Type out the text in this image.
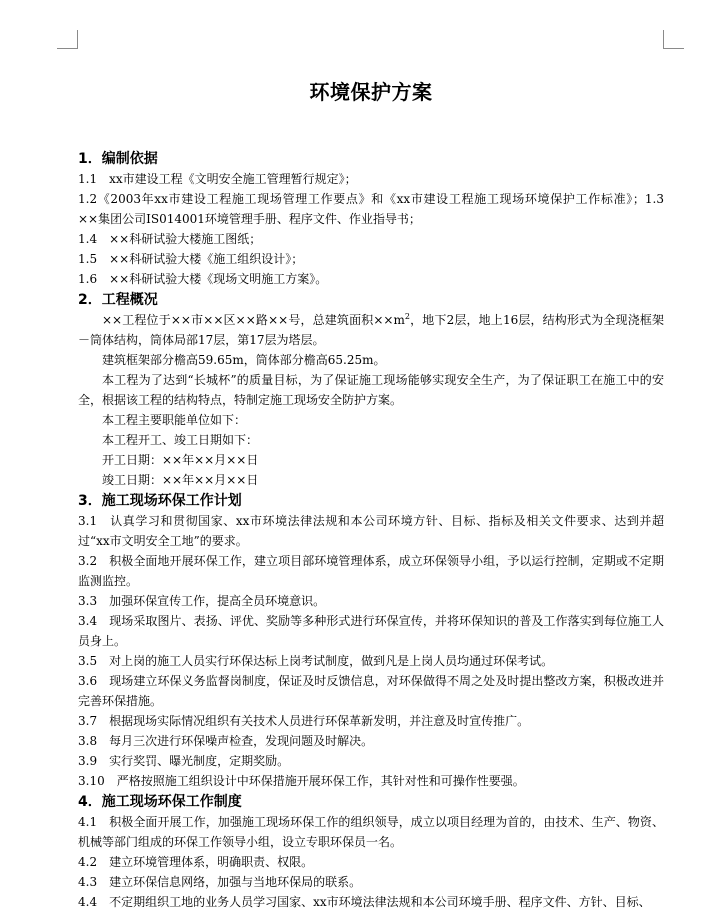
环境保护方案
1．编制依据

1.1　xx市建设工程《文明安全施工管理暂行规定》；

1.2《2003年xx市建设工程施工现场管理工作要点》和《xx市建设工程施工现场环境保护工作标准》；1.3　××集团公司IS014001环境管理手册、程序文件、作业指导书；

1.4　××科研试验大楼施工图纸；

1.5　××科研试验大楼《施工组织设计》；

1.6　××科研试验大楼《现场文明施工方案》。

2．工程概况

××工程位于××市××区××路××号，总建筑面积$\times\times m^2$，地下2层，地上16层，结构形式为全现浇框架－筒体结构，筒体局部17层，第17层为塔层。

建筑框架部分檐高59.65m，筒体部分檐高65.25m。

本工程为了达到“长城杯”的质量目标，为了保证施工现场能够实现安全生产，为了保证职工在施工中的安全，根据该工程的结构特点，特制定施工现场安全防护方案。

本工程主要职能单位如下：

本工程开工、竣工日期如下：

开工日期：××年××月××日

竣工日期：××年××月××日

3．施工现场环保工作计划

3.1　认真学习和贯彻国家、xx市环境法律法规和本公司环境方针、目标、指标及相关文件要求、达到并超过“xx市文明安全工地”的要求。

3.2　积极全面地开展环保工作，建立项目部环境管理体系，成立环保领导小组，予以运行控制，定期或不定期监测监控。

3.3　加强环保宣传工作，提高全员环境意识。

3.4　现场采取图片、表扬、评优、奖励等多种形式进行环保宣传，并将环保知识的普及工作落实到每位施工人员身上。

3.5　对上岗的施工人员实行环保达标上岗考试制度，做到凡是上岗人员均通过环保考试。

3.6　现场建立环保义务监督岗制度，保证及时反馈信息，对环保做得不周之处及时提出整改方案，积极改进并完善环保措施。

3.7　根据现场实际情况组织有关技术人员进行环保革新发明，并注意及时宣传推广。

3.8　每月三次进行环保噪声检查，发现问题及时解决。

3.9　实行奖罚、曝光制度，定期奖励。

3.10　严格按照施工组织设计中环保措施开展环保工作，其针对性和可操作性要强。

4．施工现场环保工作制度

4.1　积极全面开展工作，加强施工现场环保工作的组织领导，成立以项目经理为首的，由技术、生产、物资、机械等部门组成的环保工作领导小组，设立专职环保员一名。

4.2　建立环境管理体系，明确职责、权限。

4.3　建立环保信息网络，加强与当地环保局的联系。

4.4　不定期组织工地的业务人员学习国家、xx市环境法律法规和本公司环境手册、程序文件、方针、目标、
